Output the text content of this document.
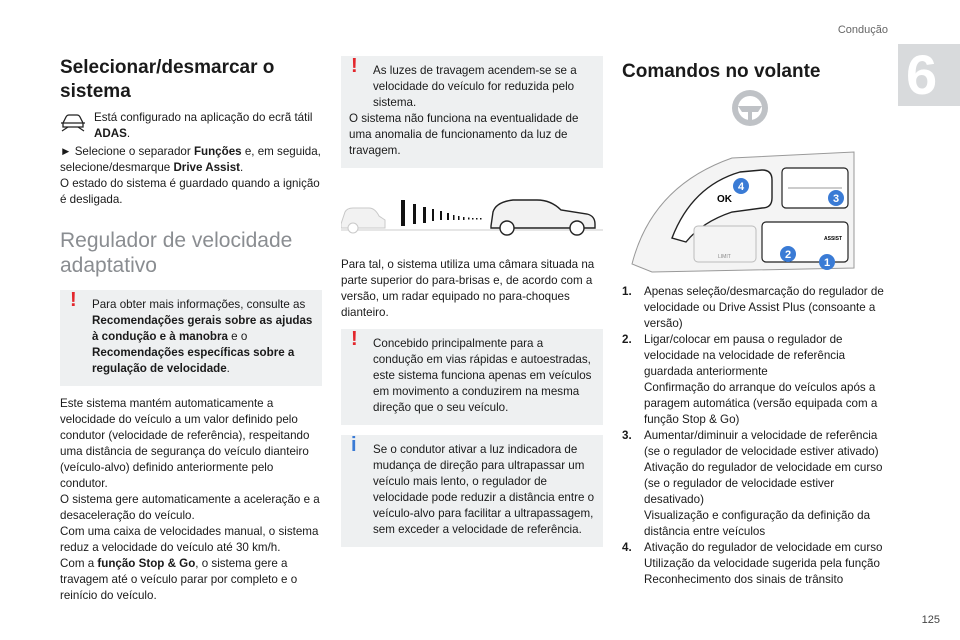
Condução
6
125
Selecionar/desmarcar o sistema

Está configurado na aplicação do ecrã tátil ADAS.

► Selecione o separador Funções e, em seguida, selecione/desmarque Drive Assist.

O estado do sistema é guardado quando a ignição é desligada.

Regulador de velocidade adaptativo
!	Para obter mais informações, consulte as Recomendações gerais sobre as ajudas à condução e à manobra e o Recomendações específicas sobre a regulação de velocidade.

Este sistema mantém automaticamente a velocidade do veículo a um valor definido pelo condutor (velocidade de referência), respeitando uma distância de segurança do veículo dianteiro (veículo-alvo) definido anteriormente pelo condutor.

O sistema gere automaticamente a aceleração e a desaceleração do veículo.

Com uma caixa de velocidades manual, o sistema reduz a velocidade do veículo até 30 km/h.

Com a função Stop & Go, o sistema gere a travagem até o veículo parar por completo e o reinício do veículo.

!	As luzes de travagem acendem-se se a velocidade do veículo for reduzida pelo sistema.

O sistema não funciona na eventualidade de uma anomalia de funcionamento da luz de travagem.

Para tal, o sistema utiliza uma câmara situada na parte superior do para-brisas e, de acordo com a versão, um radar equipado no para-choques dianteiro.

!	Concebido principalmente para a condução em vias rápidas e autoestradas, este sistema funciona apenas em veículos em movimento a conduzirem na mesma direção que o seu veículo.

i	Se o condutor ativar a luz indicadora de mudança de direção para ultrapassar um veículo mais lento, o regulador de velocidade pode reduzir a distância entre o veículo-alvo para facilitar a ultrapassagem, sem exceder a velocidade de referência.

Comandos no volante
OK
ASSIST
LIMIT
4
3
2
1
1. Apenas seleção/desmarcação do regulador de velocidade ou Drive Assist Plus (consoante a versão)

2. Ligar/colocar em pausa o regulador de velocidade na velocidade de referência guardada anteriormente

Confirmação do arranque do veículos após a paragem automática (versão equipada com a função Stop & Go)

3. Aumentar/diminuir a velocidade de referência (se o regulador de velocidade estiver ativado)

Ativação do regulador de velocidade em curso (se o regulador de velocidade estiver desativado)

Visualização e configuração da definição da distância entre veículos

4. Ativação do regulador de velocidade em curso

Utilização da velocidade sugerida pela função Reconhecimento dos sinais de trânsito
